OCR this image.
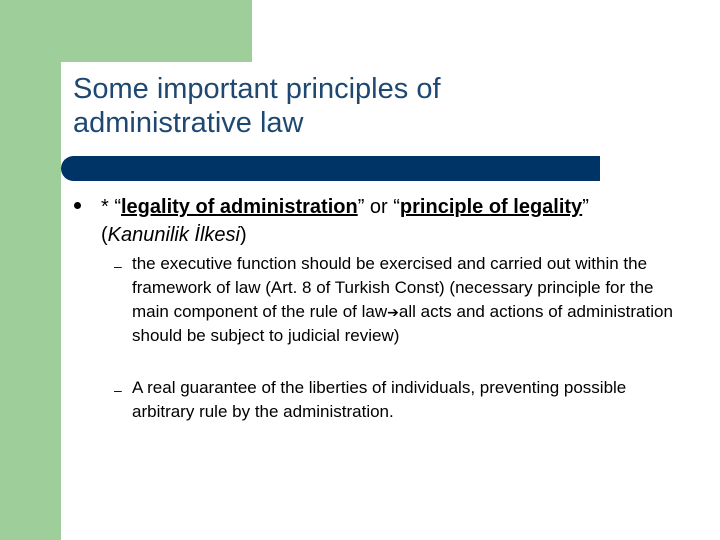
Some important principles of
administrative law
* “legality of administration” or “principle of legality” (Kanunilik İlkesi)
– the executive function should be exercised and carried out within the framework of law (Art. 8 of Turkish Const) (necessary principle for the main component of the rule of law➔all acts and actions of administration should be subject to judicial review)
– A real guarantee of the liberties of individuals, preventing possible arbitrary rule by the administration.
